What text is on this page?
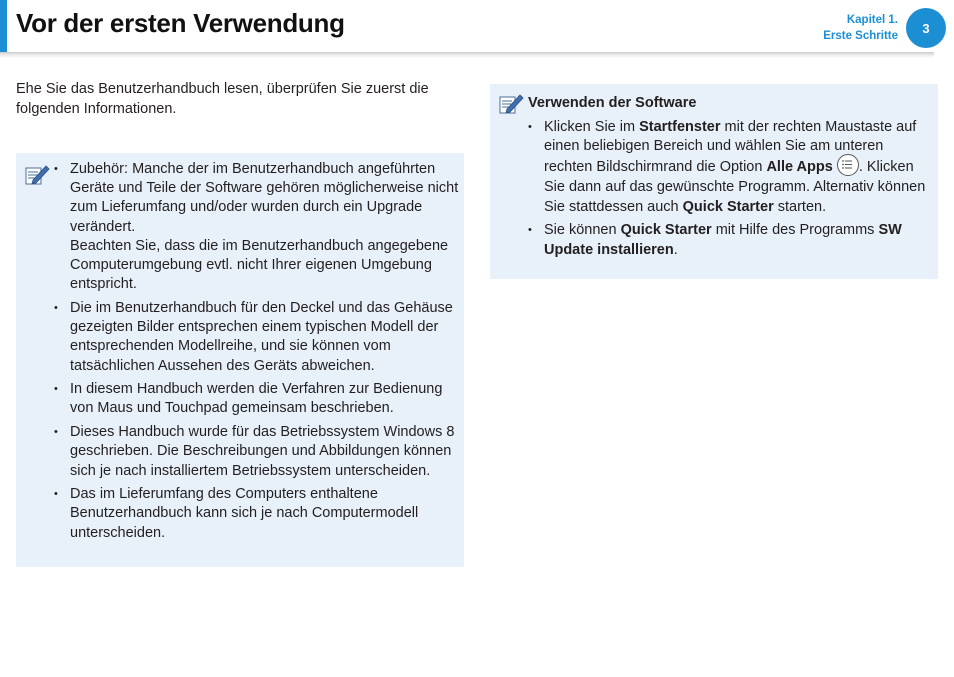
Vor der ersten Verwendung	Kapitel 1.
Erste Schritte
3

Ehe Sie das Benutzerhandbuch lesen, überprüfen Sie zuerst die
folgenden Informationen.

• Zubehör: Manche der im Benutzerhandbuch angeführten Geräte und Teile der Software gehören möglicherweise nicht zum Lieferumfang und/oder wurden durch ein Upgrade verändert.
Beachten Sie, dass die im Benutzerhandbuch angegebene Computerumgebung evtl. nicht Ihrer eigenen Umgebung entspricht.
• Die im Benutzerhandbuch für den Deckel und das Gehäuse gezeigten Bilder entsprechen einem typischen Modell der entsprechenden Modellreihe, und sie können vom tatsächlichen Aussehen des Geräts abweichen.
• In diesem Handbuch werden die Verfahren zur Bedienung von Maus und Touchpad gemeinsam beschrieben.
• Dieses Handbuch wurde für das Betriebssystem Windows 8 geschrieben. Die Beschreibungen und Abbildungen können sich je nach installiertem Betriebssystem unterscheiden.
• Das im Lieferumfang des Computers enthaltene Benutzerhandbuch kann sich je nach Computermodell unterscheiden.
Verwenden der Software
• Klicken Sie im Startfenster mit der rechten Maustaste auf einen beliebigen Bereich und wählen Sie am unteren rechten Bildschirmrand die Option Alle Apps . Klicken Sie dann auf das gewünschte Programm. Alternativ können Sie stattdessen auch Quick Starter starten.
• Sie können Quick Starter mit Hilfe des Programms SW Update installieren.
